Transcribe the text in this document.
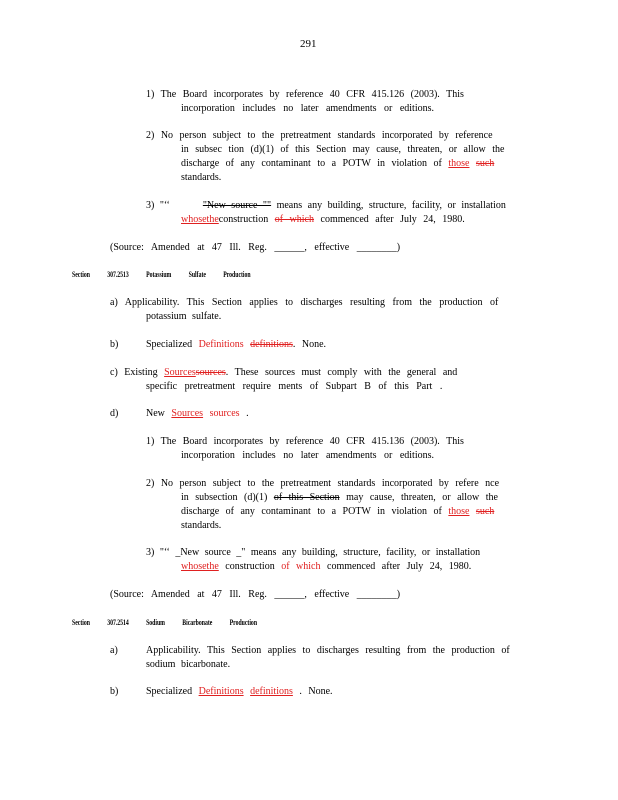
291
1) The Board incorporates by reference 40 CFR 415.126 (2003). This
incorporation includes no later amendments or editions.
2) No person subject to the pretreatment standards incorporated by reference
in subsec tion (d)(1) of this Section may cause, threaten, or allow the
discharge of any contaminant to a POTW in violation of those such
standards.
3) "‘‘	"New source "" means any building, structure, facility, or installation
whosetheconstruction of which commenced after July 24, 1980.
(Source: Amended at 47 Ill. Reg. ______, effective ________)
Section 307.2513 Potassium Sulfate Production
a) Applicability. This Section applies to discharges resulting from the production of
potassium sulfate.
b)	Specialized Definitions definitions. None.
c) Existing Sourcessources. These sources must comply with the general and
specific pretreatment require ments of Subpart B of this Part .
d)	New Sources sources .
1) The Board incorporates by reference 40 CFR 415.136 (2003). This
incorporation includes no later amendments or editions.
2) No person subject to the pretreatment standards incorporated by refere nce
in subsection (d)(1) of this Section may cause, threaten, or allow the
discharge of any contaminant to a POTW in violation of those such
standards.
3) "‘‘ _New source _" means any building, structure, facility, or installation
whosethe construction of which commenced after July 24, 1980.
(Source: Amended at 47 Ill. Reg. ______, effective ________)
Section 307.2514 Sodium Bicarbonate Production
a)	Applicability. This Section applies to discharges resulting from the production of
sodium bicarbonate.
b)	Specialized Definitions definitions . None.
